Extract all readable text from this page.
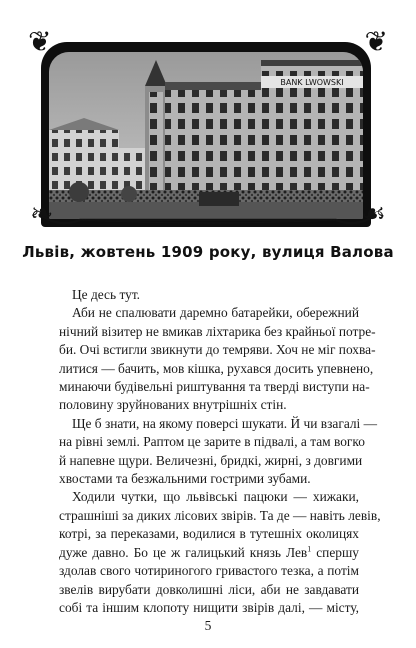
BANK LWOWSKI
❦	❦
❧	☙
Львів, жовтень 1909 року, вулиця Валова
Це десь тут.
Аби не спалювати даремно батарейки, обережний
нічний візитер не вмикав ліхтарика без крайньої потре-
би. Очі встигли звикнути до темряви. Хоч не міг похва-
литися — бачить, мов кішка, рухався досить упевнено,
минаючи будівельні риштування та тверді виступи на-
половину зруйнованих внутрішніх стін.
Ще б знати, на якому поверсі шукати. Й чи взагалі —
на рівні землі. Раптом це зарите в підвалі, а там вогко
й напевне щури. Величезні, бридкі, жирні, з довгими
хвостами та безжальними гострими зубами.
Ходили чутки, що львівські пацюки — хижаки,
страшніші за диких лісових звірів. Та де — навіть левів,
котрі, за переказами, водилися в тутешніх околицях
дуже давно. Бо це ж галицький князь Лев$^1$ спершу
здолав свого чотириногого гривастого тезка, а потім
звелів вирубати довколишні ліси, аби не завдавати
собі та іншим клопоту нищити звірів далі, — місту,
5
